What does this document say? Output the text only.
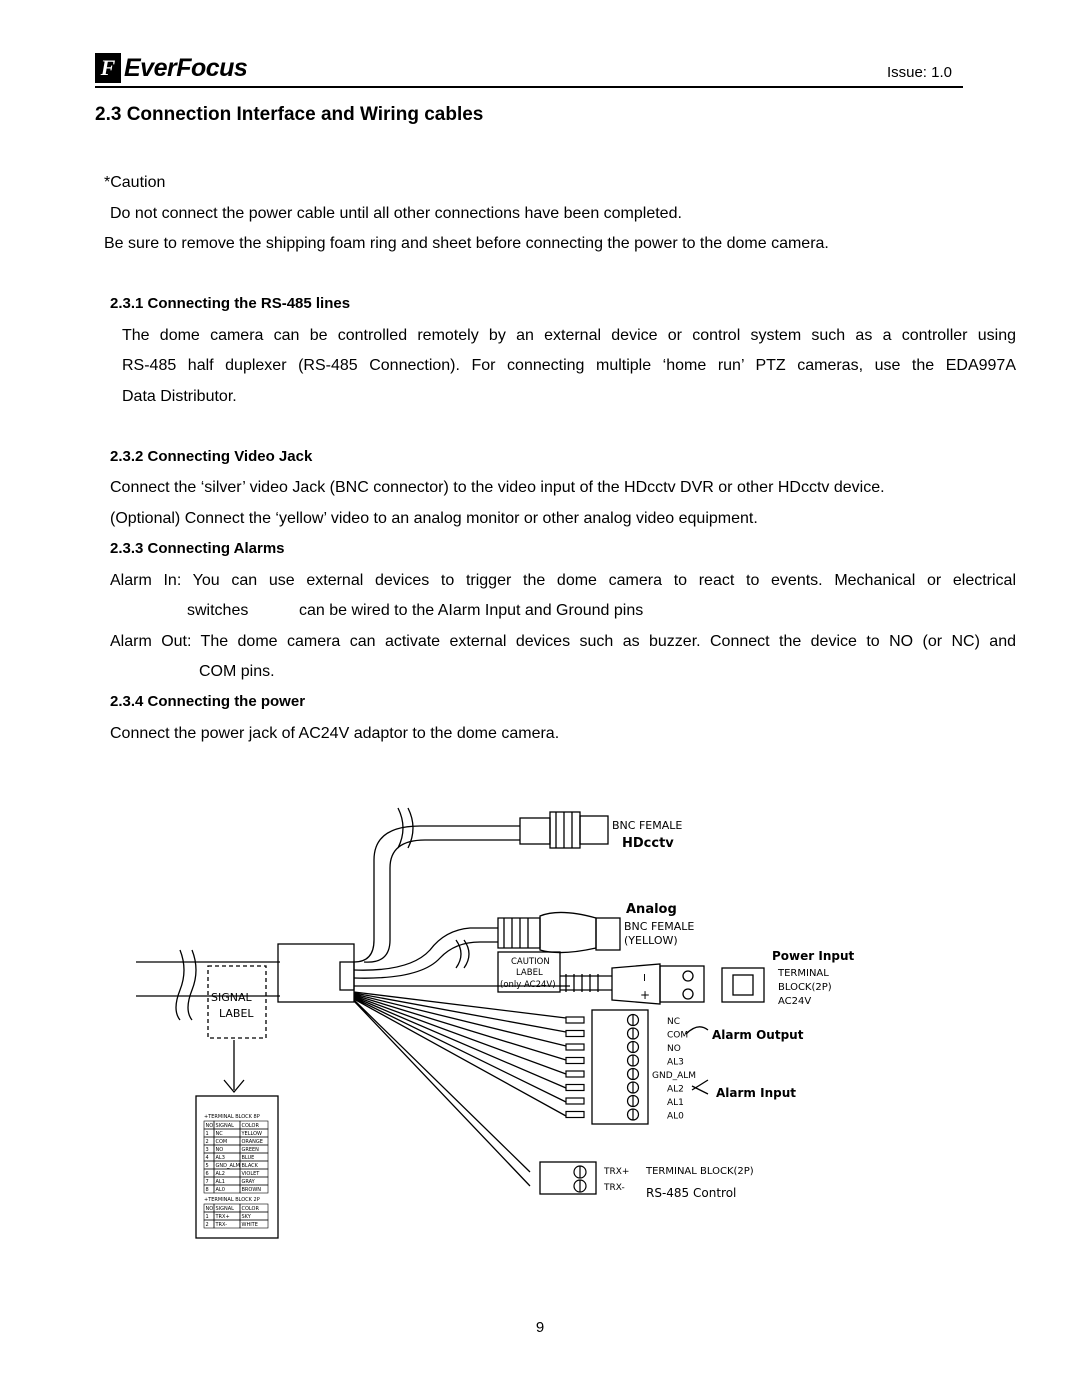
F EverFocus	Issue: 1.0
2.3 Connection Interface and Wiring cables
*Caution
Do not connect the power cable until all other connections have been completed.
Be sure to remove the shipping foam ring and sheet before connecting the power to the dome camera.
2.3.1 Connecting the RS-485 lines
The dome camera can be controlled remotely by an external device or control system such as a controller using
RS-485 half duplexer (RS-485 Connection). For connecting multiple ‘home run’ PTZ cameras, use the EDA997A
Data Distributor.
2.3.2 Connecting Video Jack
Connect the ‘silver’ video Jack (BNC connector) to the video input of the HDcctv DVR or other HDcctv device.
(Optional) Connect the ‘yellow’ video to an analog monitor or other analog video equipment.
2.3.3 Connecting Alarms
Alarm In: You can use external devices to trigger the dome camera to react to events. Mechanical or electrical
switches	can be wired to the AIarm Input and Ground pins
Alarm Out: The dome camera can activate external devices such as buzzer. Connect the device to NO (or NC) and
COM pins.
2.3.4 Connecting the power
Connect the power jack of AC24V adaptor to the dome camera.
BNC FEMALE
HDcctv
Analog
BNC FEMALE
(YELLOW)
Power Input
TERMINAL
BLOCK(2P)
AC24V
CAUTION
LABEL
(only AC24V)
I
+
SIGNAL
LABEL
NC
COM
NO
AL3
GND_ALM
AL2
AL1
AL0
Alarm Output
Alarm Input
TRX+
TRX-
TERMINAL BLOCK(2P)
RS-485 Control
+TERMINAL BLOCK 8P
NO SIGNAL COLOR
1 NC	YELLOW
2 COM	ORANGE
3 NO	GREEN
4 AL3	BLUE
5 GND_ALM BLACK
6 AL2	VIOLET
7 AL1	GRAY
8 AL0	BROWN
+TERMINAL BLOCK 2P
NO SIGNAL COLOR
1 TRX+ SKY
2 TRX-	WHITE
9
